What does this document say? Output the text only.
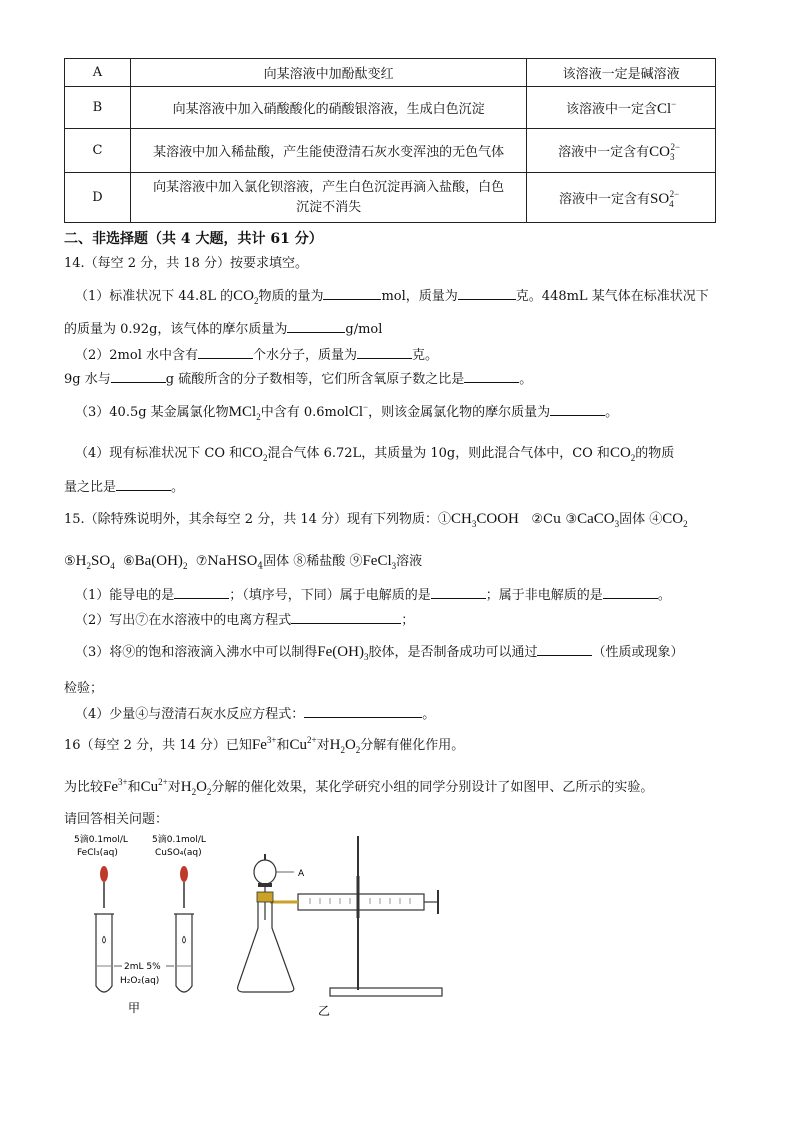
A	向某溶液中加酚酞变红	该溶液一定是碱溶液
B	向某溶液中加入硝酸酸化的硝酸银溶液，生成白色沉淀	该溶液中一定含Cl−
C	某溶液中加入稀盐酸，产生能使澄清石灰水变浑浊的无色气体	溶液中一定含有$CO_3^{2-}$
D	向某溶液中加入氯化钡溶液，产生白色沉淀再滴入盐酸，白色
沉淀不消失	溶液中一定含有$SO_4^{2-}$
二、非选择题（共 4 大题，共计 61 分）
14.（每空 2 分，共 18 分）按要求填空。
（1）标准状况下 44.8L 的$CO_2$物质的量为	mol，质量为	克。448mL 某气体在标准状况下
的质量为 0.92g，该气体的摩尔质量为	g/mol
（2）2mol 水中含有	个水分子，质量为	克。
9g 水与	g 硫酸所含的分子数相等，它们所含氧原子数之比是	。
（3）40.5g 某金属氯化物MCl$_2$中含有 0.6molCl−，则该金属氯化物的摩尔质量为	。
（4）现有标准状况下 CO 和$CO_2$混合气体 6.72L，其质量为 10g，则此混合气体中，CO 和$CO_2$的物质
量之比是	。
15.（除特殊说明外，其余每空 2 分，共 14 分）现有下列物质：$①CH_3COOH$ ②Cu ③CaCO$_3$固体 $④CO_2$
$⑤H_2SO_4$ $⑥Ba(OH)_2$ ⑦NaHSO$_4$固体 ⑧稀盐酸 ⑨FeCl$_3$溶液
（1）能导电的是	；（填序号，下同）属于电解质的是	；属于非电解质的是	。
（2）写出⑦在水溶液中的电离方程式	；
（3）将⑨的饱和溶液滴入沸水中可以制得$Fe(OH)_3$胶体，是否制备成功可以通过	（性质或现象）
检验；
（4）少量④与澄清石灰水反应方程式：	。
16（每空 2 分，共 14 分）已知$Fe^{3+}$和$Cu^{2+}$对$H_2O_2$分解有催化作用。
为比较$Fe^{3+}$和$Cu^{2+}$对$H_2O_2$分解的催化效果，某化学研究小组的同学分别设计了如图甲、乙所示的实验。
请回答相关问题：
5滴0.1mol/L
FeCl₃(aq)
5滴0.1mol/L
CuSO₄(aq)
2mL 5%
H₂O₂(aq)
甲
A
乙
